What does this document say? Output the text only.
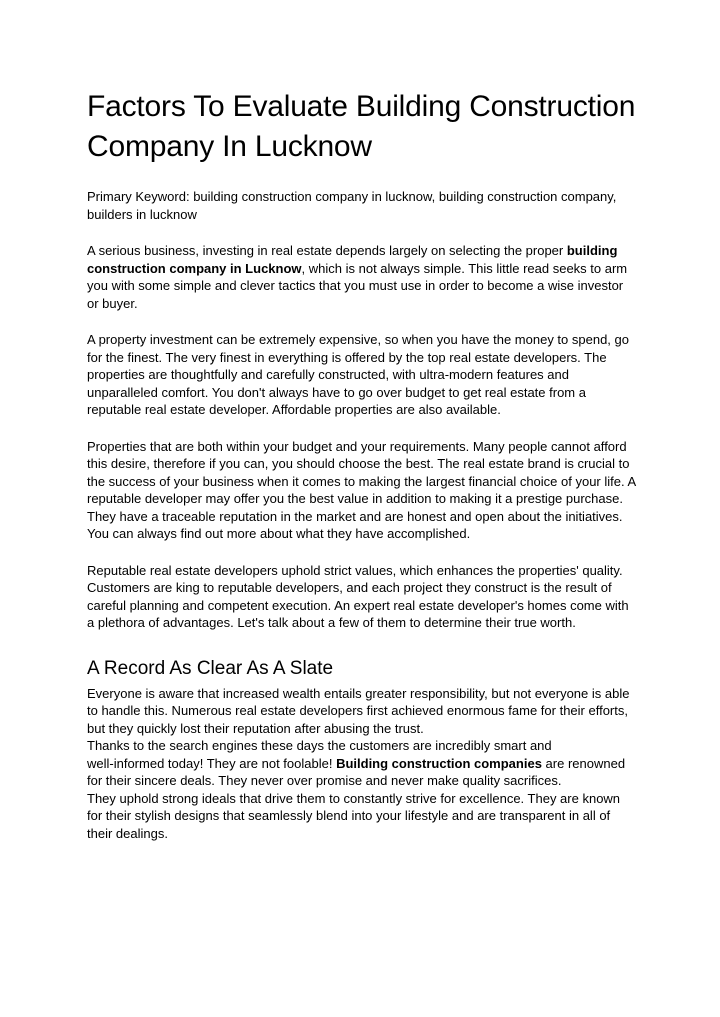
Factors To Evaluate Building Construction Company In Lucknow

Primary Keyword: building construction company in lucknow, building construction company, builders in lucknow

A serious business, investing in real estate depends largely on selecting the proper building construction company in Lucknow, which is not always simple. This little read seeks to arm you with some simple and clever tactics that you must use in order to become a wise investor or buyer.

A property investment can be extremely expensive, so when you have the money to spend, go for the finest. The very finest in everything is offered by the top real estate developers. The properties are thoughtfully and carefully constructed, with ultra-modern features and unparalleled comfort. You don't always have to go over budget to get real estate from a reputable real estate developer. Affordable properties are also available.

Properties that are both within your budget and your requirements. Many people cannot afford this desire, therefore if you can, you should choose the best. The real estate brand is crucial to the success of your business when it comes to making the largest financial choice of your life. A reputable developer may offer you the best value in addition to making it a prestige purchase. They have a traceable reputation in the market and are honest and open about the initiatives. You can always find out more about what they have accomplished.

Reputable real estate developers uphold strict values, which enhances the properties' quality. Customers are king to reputable developers, and each project they construct is the result of careful planning and competent execution. An expert real estate developer's homes come with a plethora of advantages. Let's talk about a few of them to determine their true worth.

A Record As Clear As A Slate

Everyone is aware that increased wealth entails greater responsibility, but not everyone is able to handle this. Numerous real estate developers first achieved enormous fame for their efforts, but they quickly lost their reputation after abusing the trust.

Thanks to the search engines these days the customers are incredibly smart and
well-informed today! They are not foolable! Building construction companies are renowned for their sincere deals. They never over promise and never make quality sacrifices.

They uphold strong ideals that drive them to constantly strive for excellence. They are known for their stylish designs that seamlessly blend into your lifestyle and are transparent in all of their dealings.
